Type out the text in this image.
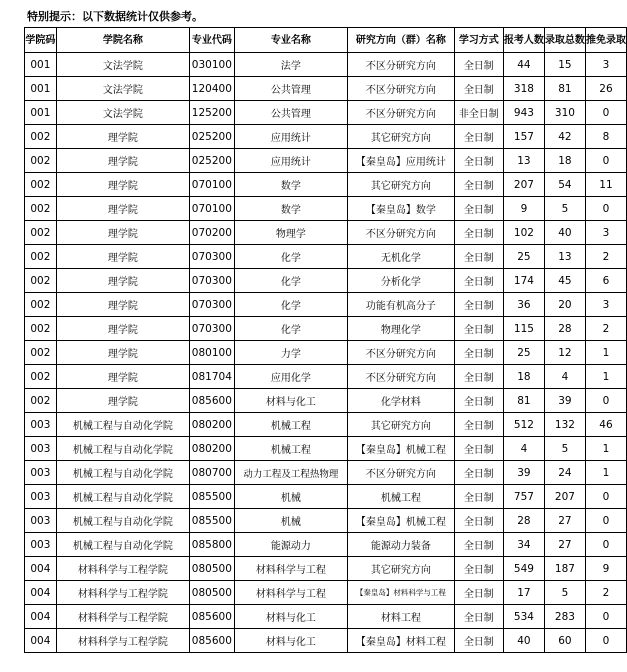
特别提示：以下数据统计仅供参考。
学院码	学院名称	专业代码	专业名称	研究方向（群）名称	学习方式	报考人数	录取总数	推免录取
001	文法学院	030100	法学	不区分研究方向	全日制	44	15	3
001	文法学院	120400	公共管理	不区分研究方向	全日制	318	81	26
001	文法学院	125200	公共管理	不区分研究方向	非全日制	943	310	0
002	理学院	025200	应用统计	其它研究方向	全日制	157	42	8
002	理学院	025200	应用统计	【秦皇岛】应用统计	全日制	13	18	0
002	理学院	070100	数学	其它研究方向	全日制	207	54	11
002	理学院	070100	数学	【秦皇岛】数学	全日制	9	5	0
002	理学院	070200	物理学	不区分研究方向	全日制	102	40	3
002	理学院	070300	化学	无机化学	全日制	25	13	2
002	理学院	070300	化学	分析化学	全日制	174	45	6
002	理学院	070300	化学	功能有机高分子	全日制	36	20	3
002	理学院	070300	化学	物理化学	全日制	115	28	2
002	理学院	080100	力学	不区分研究方向	全日制	25	12	1
002	理学院	081704	应用化学	不区分研究方向	全日制	18	4	1
002	理学院	085600	材料与化工	化学材料	全日制	81	39	0
003	机械工程与自动化学院	080200	机械工程	其它研究方向	全日制	512	132	46
003	机械工程与自动化学院	080200	机械工程	【秦皇岛】机械工程	全日制	4	5	1
003	机械工程与自动化学院	080700	动力工程及工程热物理	不区分研究方向	全日制	39	24	1
003	机械工程与自动化学院	085500	机械	机械工程	全日制	757	207	0
003	机械工程与自动化学院	085500	机械	【秦皇岛】机械工程	全日制	28	27	0
003	机械工程与自动化学院	085800	能源动力	能源动力装备	全日制	34	27	0
004	材料科学与工程学院	080500	材料科学与工程	其它研究方向	全日制	549	187	9
004	材料科学与工程学院	080500	材料科学与工程	【秦皇岛】材料科学与工程	全日制	17	5	2
004	材料科学与工程学院	085600	材料与化工	材料工程	全日制	534	283	0
004	材料科学与工程学院	085600	材料与化工	【秦皇岛】材料工程	全日制	40	60	0
